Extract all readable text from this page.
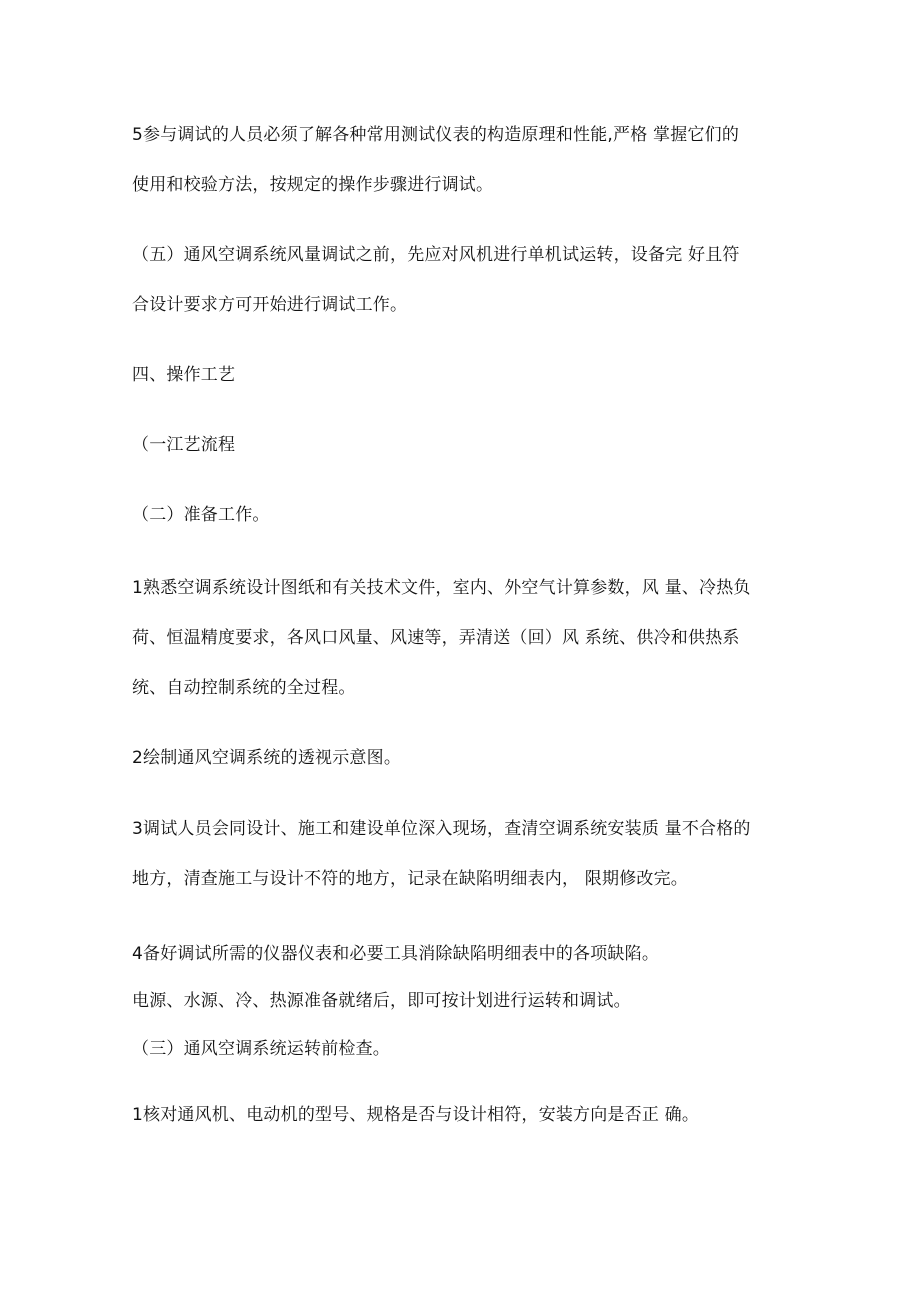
5参与调试的人员必须了解各种常用测试仪表的构造原理和性能,严格 掌握它们的
使用和校验方法，按规定的操作步骤进行调试。
（五）通风空调系统风量调试之前，先应对风机进行单机试运转，设备完 好且符
合设计要求方可开始进行调试工作。
四、操作工艺
（一江艺流程
（二）准备工作。
1熟悉空调系统设计图纸和有关技术文件，室内、外空气计算参数，风 量、冷热负
荷、恒温精度要求，各风口风量、风速等，弄清送（回）风 系统、供冷和供热系
统、自动控制系统的全过程。
2绘制通风空调系统的透视示意图。
3调试人员会同设计、施工和建设单位深入现场，查清空调系统安装质 量不合格的
地方，清查施工与设计不符的地方，记录在缺陷明细表内， 限期修改完。
4备好调试所需的仪器仪表和必要工具消除缺陷明细表中的各项缺陷。
电源、水源、冷、热源准备就绪后，即可按计划进行运转和调试。
（三）通风空调系统运转前检查。
1核对通风机、电动机的型号、规格是否与设计相符，安装方向是否正 确。
